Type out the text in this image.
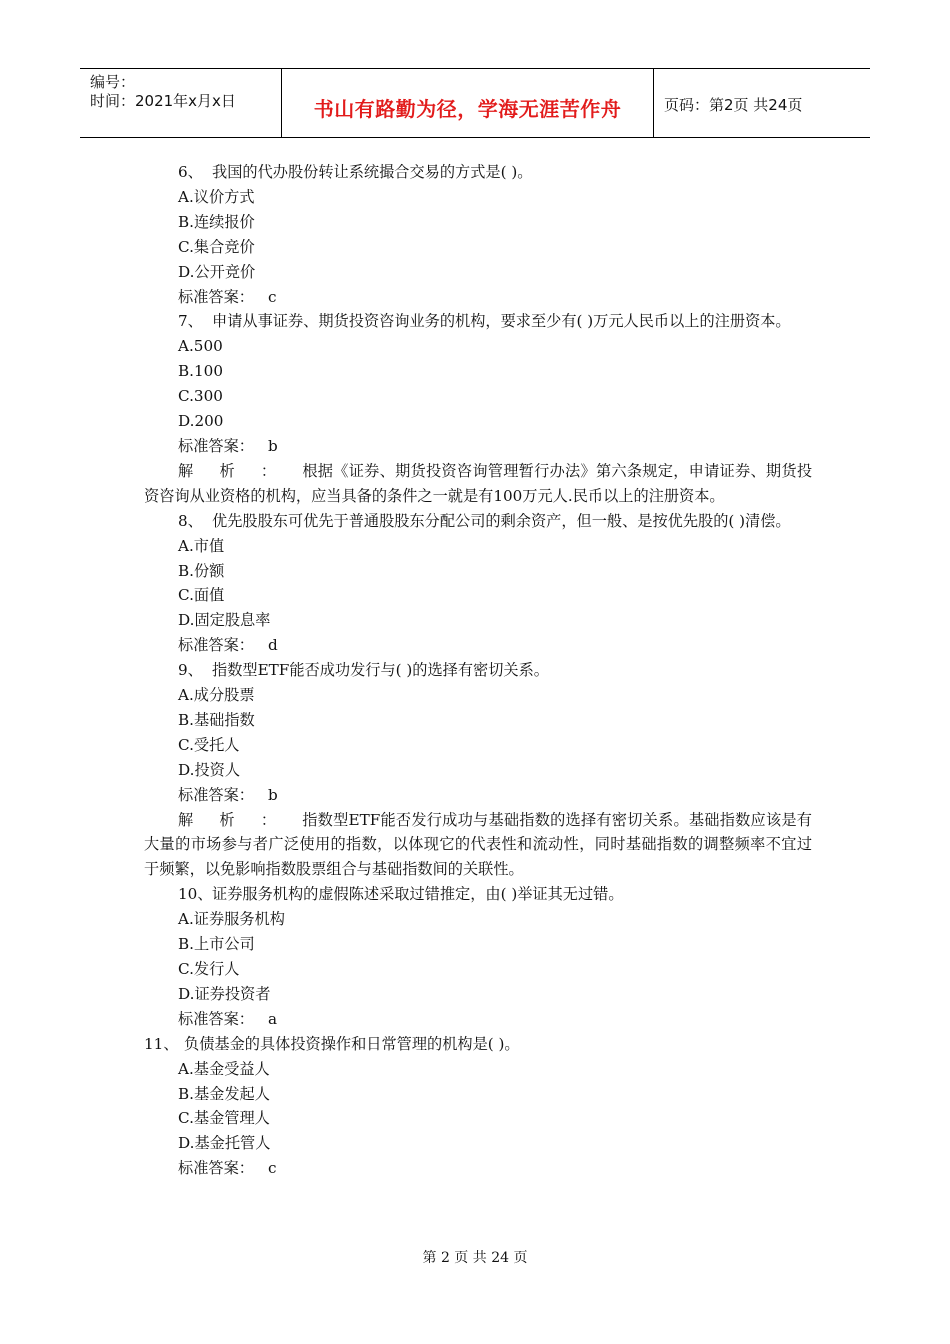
编号：
时间：2021年x月x日	书山有路勤为径，学海无涯苦作舟	页码：第2页 共24页
6、 我国的代办股份转让系统撮合交易的方式是( )。
A.议价方式
B.连续报价
C.集合竞价
D.公开竞价
标准答案： c
7、 申请从事证券、期货投资咨询业务的机构，要求至少有( )万元人民币以上的注册资本。
A.500
B.100
C.300
D.200
标准答案： b
解析：根据《证券、期货投资咨询管理暂行办法》第六条规定，申请证券、期货投资咨询从业资格的机构，应当具备的条件之一就是有100万元人.民币以上的注册资本。
8、 优先股股东可优先于普通股股东分配公司的剩余资产，但一般、是按优先股的( )清偿。
A.市值
B.份额
C.面值
D.固定股息率
标准答案： d
9、 指数型ETF能否成功发行与( )的选择有密切关系。
A.成分股票
B.基础指数
C.受托人
D.投资人
标准答案： b
解析：指数型ETF能否发行成功与基础指数的选择有密切关系。基础指数应该是有大量的市场参与者广泛使用的指数，以体现它的代表性和流动性，同时基础指数的调整频率不宜过于频繁，以免影响指数股票组合与基础指数间的关联性。
10、证券服务机构的虚假陈述采取过错推定，由( )举证其无过错。
A.证券服务机构
B.上市公司
C.发行人
D.证券投资者
标准答案： a
11、 负债基金的具体投资操作和日常管理的机构是( )。
A.基金受益人
B.基金发起人
C.基金管理人
D.基金托管人
标准答案： c
第 2 页 共 24 页
